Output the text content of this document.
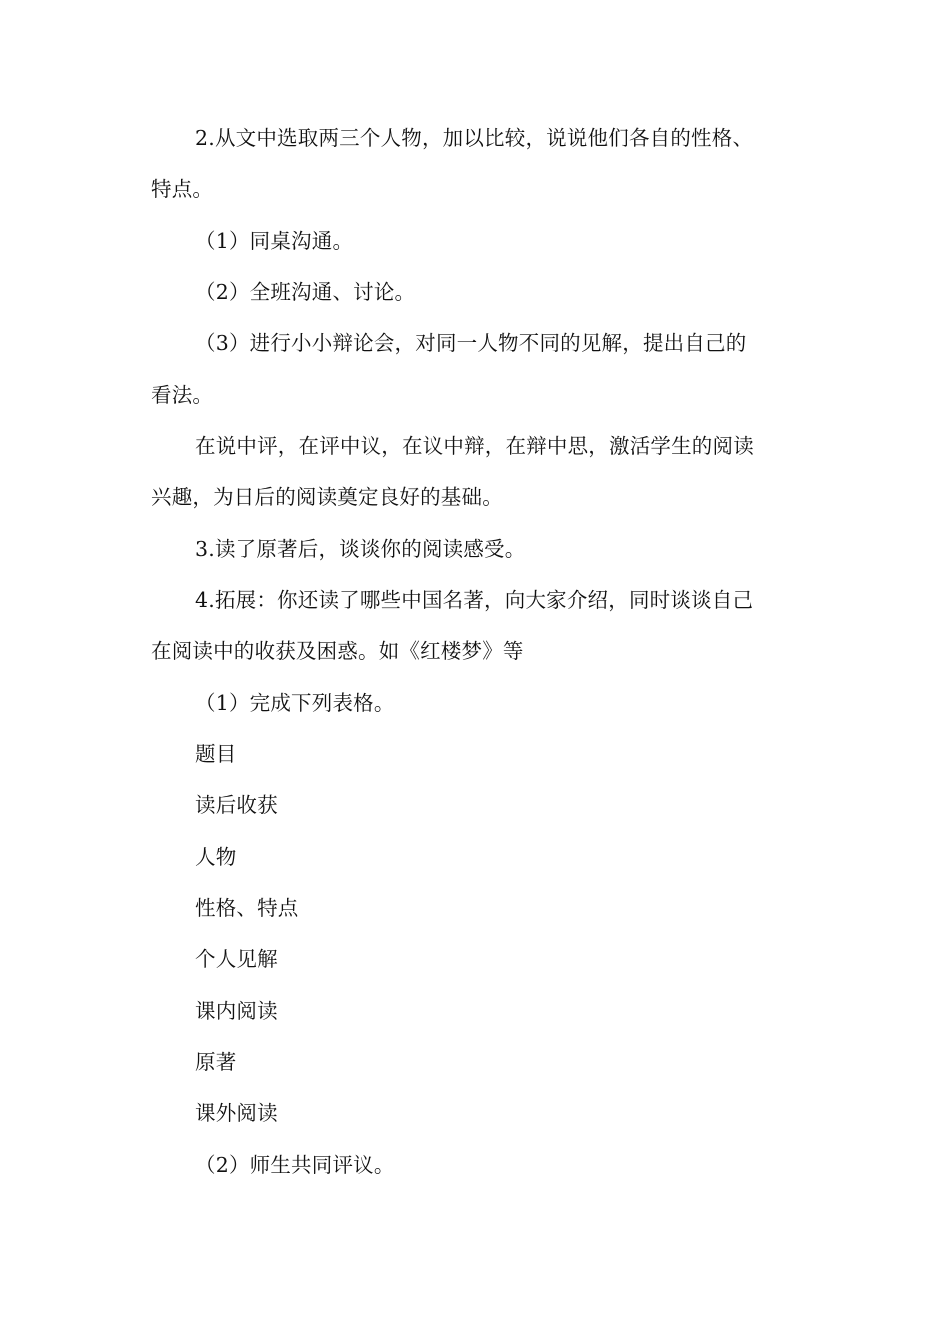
2.从文中选取两三个人物，加以比较，说说他们各自的性格、
特点。
（1）同桌沟通。
（2）全班沟通、讨论。
（3）进行小小辩论会，对同一人物不同的见解，提出自己的
看法。
在说中评，在评中议，在议中辩，在辩中思，激活学生的阅读
兴趣，为日后的阅读奠定良好的基础。
3.读了原著后，谈谈你的阅读感受。
4.拓展：你还读了哪些中国名著，向大家介绍，同时谈谈自己
在阅读中的收获及困惑。如《红楼梦》等
（1）完成下列表格。
题目
读后收获
人物
性格、特点
个人见解
课内阅读
原著
课外阅读
（2）师生共同评议。
